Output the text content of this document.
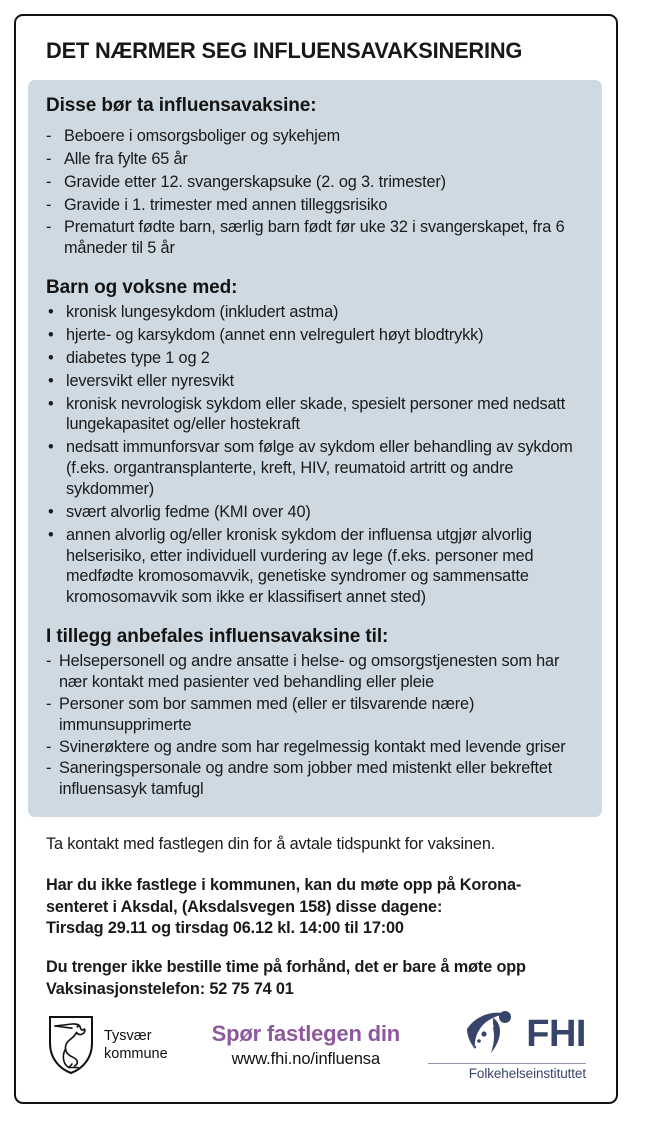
DET NÆRMER SEG INFLUENSAVAKSINERING
Disse bør ta influensavaksine:
- Beboere i omsorgsboliger og sykehjem
- Alle fra fylte 65 år
- Gravide etter 12. svangerskapsuke (2. og 3. trimester)
- Gravide i 1. trimester med annen tilleggsrisiko
- Prematurt fødte barn, særlig barn født før uke 32 i svangerskapet, fra 6 måneder til 5 år
Barn og voksne med:
• kronisk lungesykdom (inkludert astma)
• hjerte- og karsykdom (annet enn velregulert høyt blodtrykk)
• diabetes type 1 og 2
• leversvikt eller nyresvikt
• kronisk nevrologisk sykdom eller skade, spesielt personer med nedsatt lungekapasitet og/eller hostekraft
• nedsatt immunforsvar som følge av sykdom eller behandling av sykdom (f.eks. organtransplanterte, kreft, HIV, reumatoid artritt og andre sykdommer)
• svært alvorlig fedme (KMI over 40)
• annen alvorlig og/eller kronisk sykdom der influensa utgjør alvorlig helserisiko, etter individuell vurdering av lege (f.eks. personer med medfødte kromosomavvik, genetiske syndromer og sammensatte kromosomavvik som ikke er klassifisert annet sted)
I tillegg anbefales influensavaksine til:
- Helsepersonell og andre ansatte i helse- og omsorgstjenesten som har nær kontakt med pasienter ved behandling eller pleie
- Personer som bor sammen med (eller er tilsvarende nære) immunsupprimerte
- Svinerøktere og andre som har regelmessig kontakt med levende griser
- Saneringspersonale og andre som jobber med mistenkt eller bekreftet influensasyk tamfugl

Ta kontakt med fastlegen din for å avtale tidspunkt for vaksinen.

Har du ikke fastlege i kommunen, kan du møte opp på Korona-

senteret i Aksdal, (Aksdalsvegen 158) disse dagene:

Tirsdag 29.11 og tirsdag 06.12 kl. 14:00 til 17:00

Du trenger ikke bestille time på forhånd, det er bare å møte opp

Vaksinasjonstelefon: 52 75 74 01

Tysvær
kommune
Spør fastlegen din
www.fhi.no/influensa
FHI
Folkehelseinstituttet
